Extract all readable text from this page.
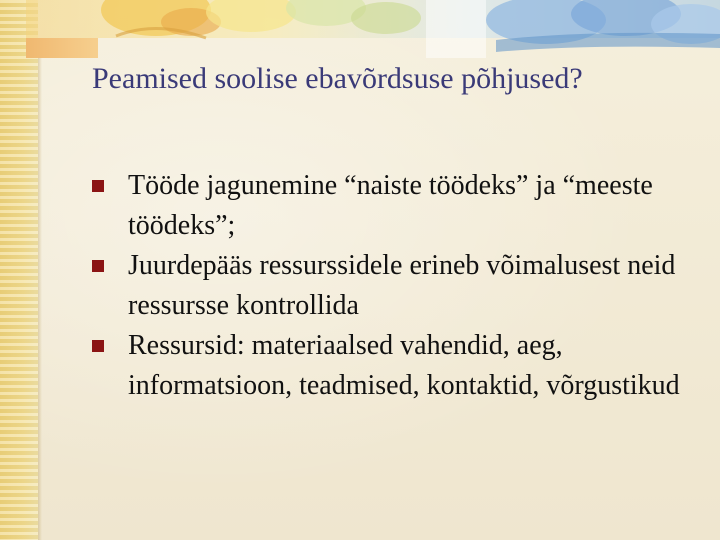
Peamised soolise ebavõrdsuse põhjused?
Tööde jagunemine “naiste töödeks” ja “meeste töödeks”;
Juurdepääs ressurssidele erineb võimalusest neid ressursse kontrollida
Ressursid: materiaalsed vahendid, aeg, informatsioon, teadmised, kontaktid, võrgustikud
